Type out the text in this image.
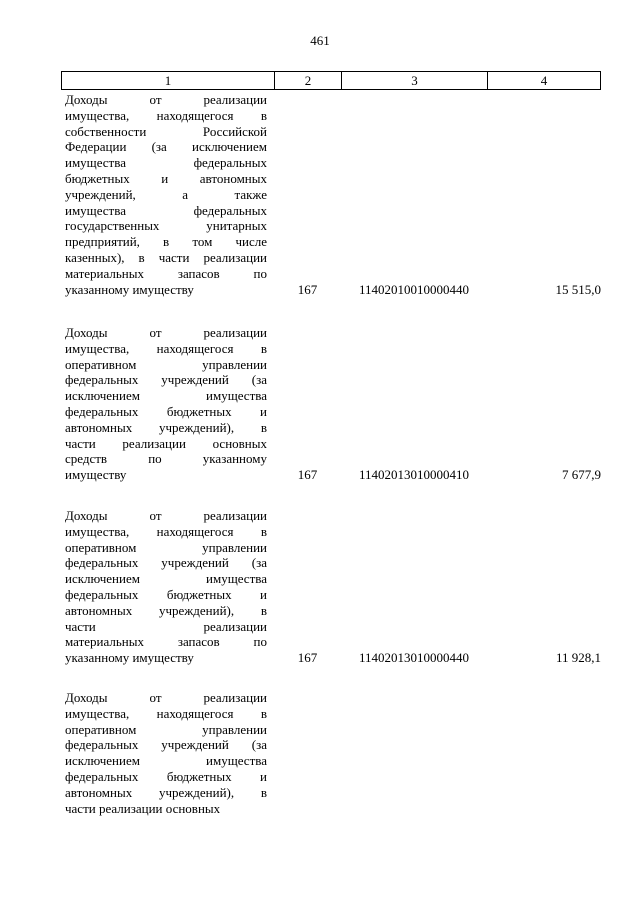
461
1	2	3	4
Доходы от реализации
имущества, находящегося в
собственности Российской
Федерации (за исключением
имущества федеральных
бюджетных и автономных
учреждений, а также
имущества федеральных
государственных унитарных
предприятий, в том числе
казенных), в части реализации
материальных запасов по
указанному имуществу	167	11402010010000440	15 515,0
Доходы от реализации
имущества, находящегося в
оперативном управлении
федеральных учреждений (за
исключением имущества
федеральных бюджетных и
автономных учреждений), в
части реализации основных
средств по указанному
имуществу	167	11402013010000410	7 677,9
Доходы от реализации
имущества, находящегося в
оперативном управлении
федеральных учреждений (за
исключением имущества
федеральных бюджетных и
автономных учреждений), в
части реализации
материальных запасов по
указанному имуществу	167	11402013010000440	11 928,1
Доходы от реализации
имущества, находящегося в
оперативном управлении
федеральных учреждений (за
исключением имущества
федеральных бюджетных и
автономных учреждений), в
части реализации основных
